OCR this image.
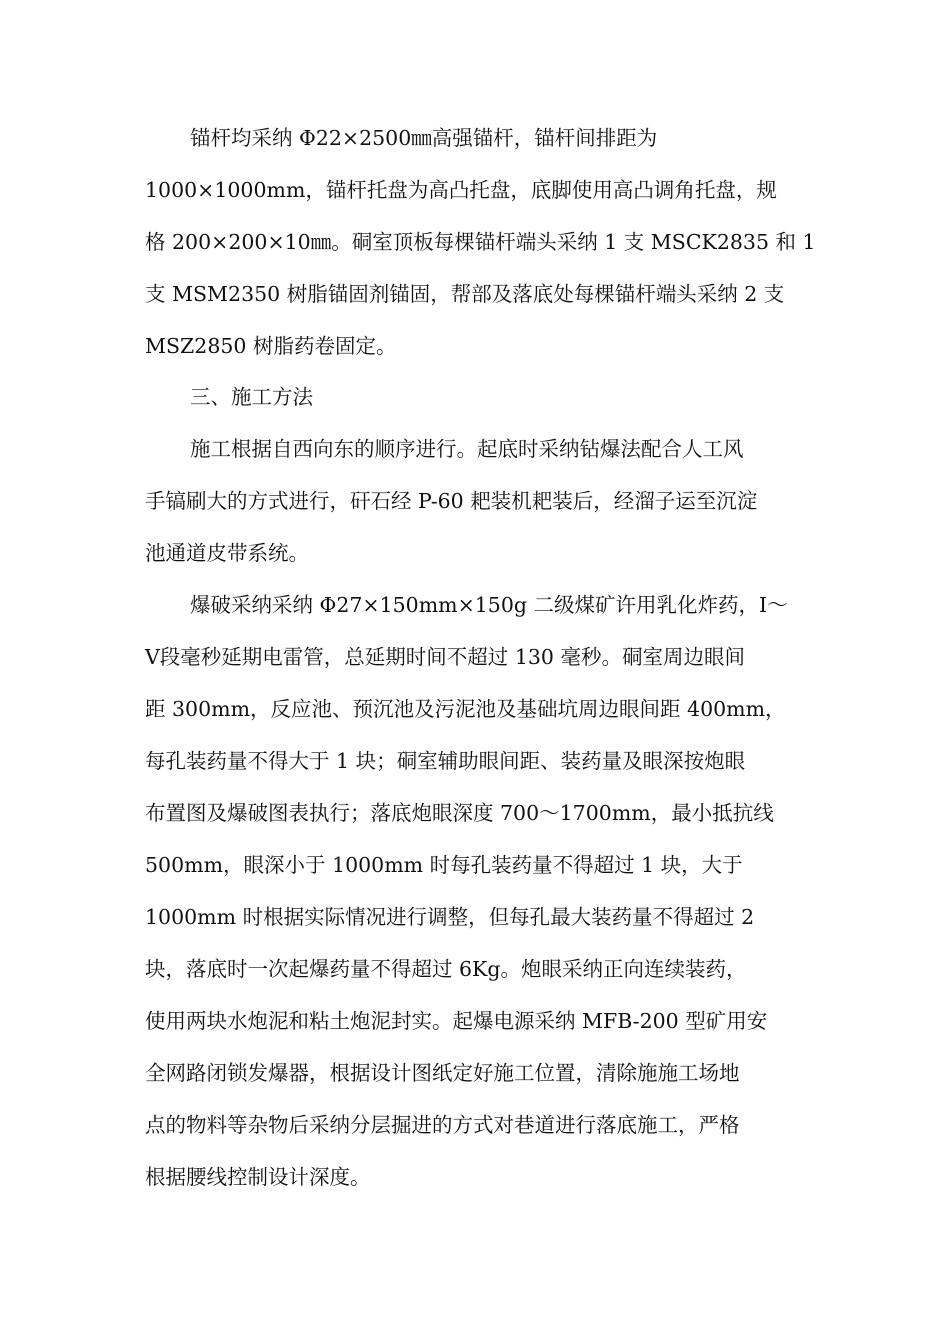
锚杆均采纳 Φ22×2500㎜高强锚杆，锚杆间排距为

1000×1000mm，锚杆托盘为高凸托盘，底脚使用高凸调角托盘，规

格 200×200×10㎜。硐室顶板每棵锚杆端头采纳 1 支 MSCK2835 和 1

支 MSM2350 树脂锚固剂锚固，帮部及落底处每棵锚杆端头采纳 2 支

MSZ2850 树脂药卷固定。

三、施工方法

施工根据自西向东的顺序进行。起底时采纳钻爆法配合人工风

手镐刷大的方式进行，矸石经 P-60 耙装机耙装后，经溜子运至沉淀

池通道皮带系统。

爆破采纳采纳 Φ27×150mm×150g 二级煤矿许用乳化炸药，Ⅰ～

Ⅴ段毫秒延期电雷管，总延期时间不超过 130 毫秒。硐室周边眼间

距 300mm，反应池、预沉池及污泥池及基础坑周边眼间距 400mm，

每孔装药量不得大于 1 块；硐室辅助眼间距、装药量及眼深按炮眼

布置图及爆破图表执行；落底炮眼深度 700～1700mm，最小抵抗线

500mm，眼深小于 1000mm 时每孔装药量不得超过 1 块，大于

1000mm 时根据实际情况进行调整，但每孔最大装药量不得超过 2

块，落底时一次起爆药量不得超过 6Kg。炮眼采纳正向连续装药，

使用两块水炮泥和粘土炮泥封实。起爆电源采纳 MFB-200 型矿用安

全网路闭锁发爆器，根据设计图纸定好施工位置，清除施施工场地

点的物料等杂物后采纳分层掘进的方式对巷道进行落底施工，严格

根据腰线控制设计深度。
